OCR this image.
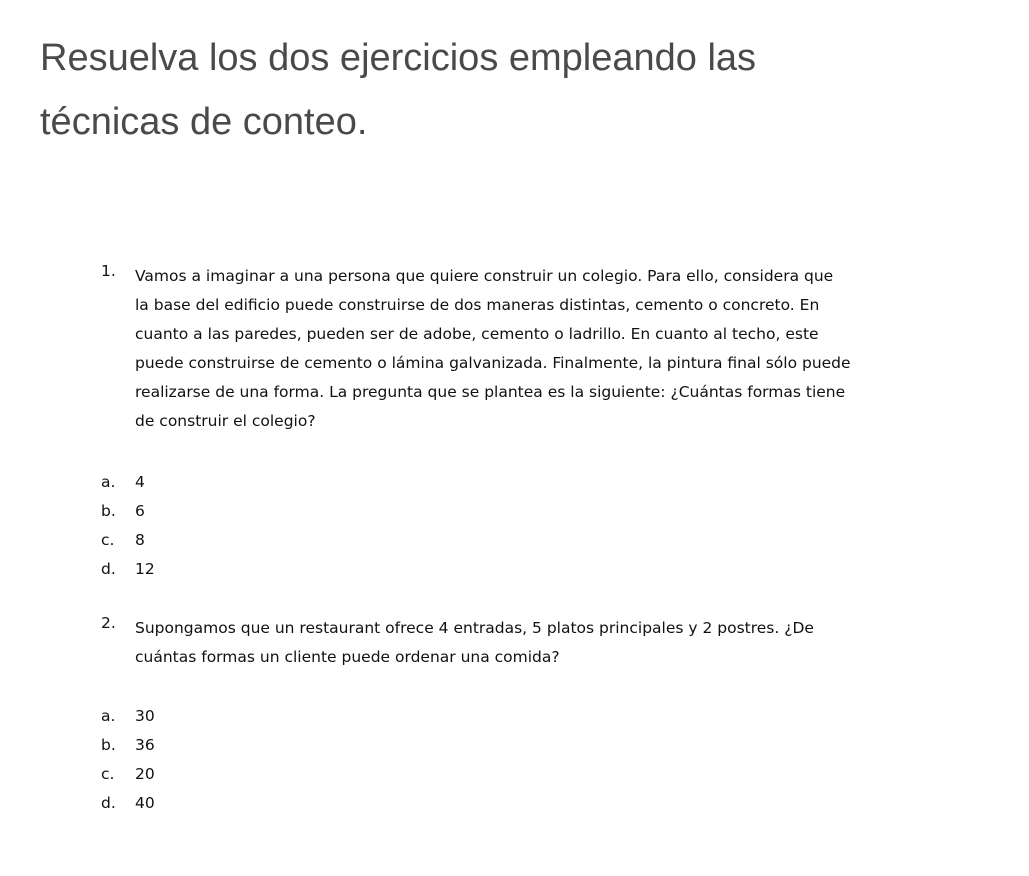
Resuelva los dos ejercicios empleando las
técnicas de conteo.
1. Vamos a imaginar a una persona que quiere construir un colegio. Para ello, considera que
la base del edificio puede construirse de dos maneras distintas, cemento o concreto. En
cuanto a las paredes, pueden ser de adobe, cemento o ladrillo. En cuanto al techo, este
puede construirse de cemento o lámina galvanizada. Finalmente, la pintura final sólo puede
realizarse de una forma. La pregunta que se plantea es la siguiente: ¿Cuántas formas tiene
de construir el colegio?
a. 4
b. 6
c. 8
d. 12
2. Supongamos que un restaurant ofrece 4 entradas, 5 platos principales y 2 postres. ¿De
cuántas formas un cliente puede ordenar una comida?
a. 30
b. 36
c. 20
d. 40
